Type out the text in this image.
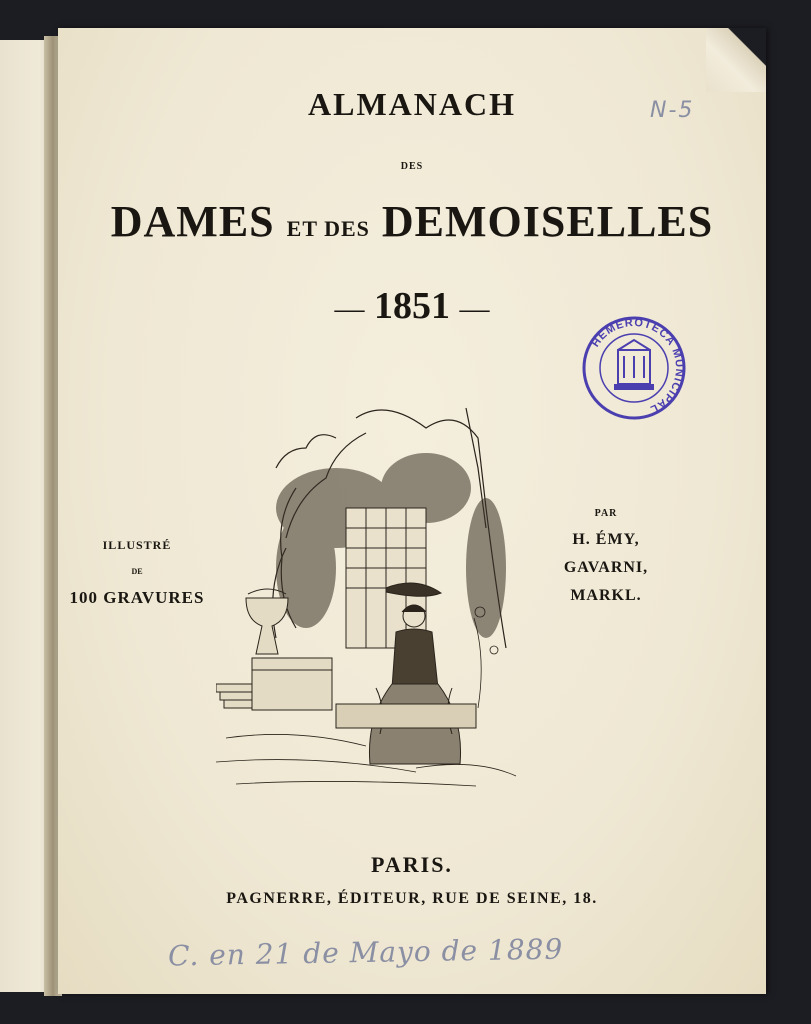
N-5
ALMANACH
DES
DAMES ET DES DEMOISELLES
— 1851 —
HEMEROTECA MUNICIPAL
ILLUSTRÉ
DE
100 GRAVURES
PAR
H. ÉMY,
GAVARNI,
MARKL.
PARIS.
PAGNERRE, ÉDITEUR, RUE DE SEINE, 18.
C. en 21 de Mayo de 1889
